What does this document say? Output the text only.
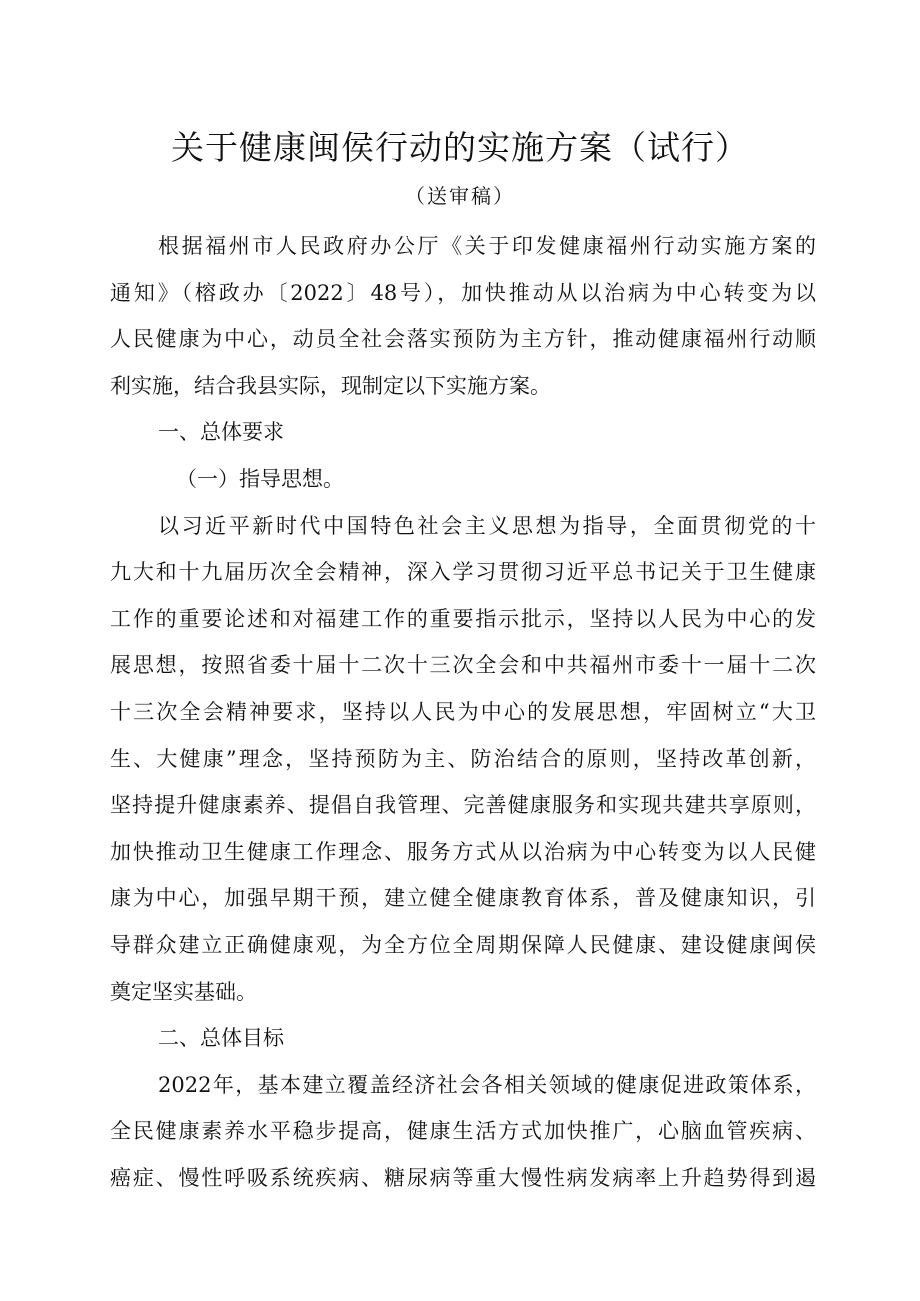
关于健康闽侯行动的实施方案（试行）
（送审稿）

根据福州市人民政府办公厅《关于印发健康福州行动实施方案的
通知》（榕政办〔2022〕48号），加快推动从以治病为中心转变为以
人民健康为中心，动员全社会落实预防为主方针，推动健康福州行动顺
利实施，结合我县实际，现制定以下实施方案。

一、总体要求

（一）指导思想。

以习近平新时代中国特色社会主义思想为指导，全面贯彻党的十
九大和十九届历次全会精神，深入学习贯彻习近平总书记关于卫生健康
工作的重要论述和对福建工作的重要指示批示，坚持以人民为中心的发
展思想，按照省委十届十二次十三次全会和中共福州市委十一届十二次
十三次全会精神要求，坚持以人民为中心的发展思想，牢固树立“大卫
生、大健康”理念，坚持预防为主、防治结合的原则，坚持改革创新，
坚持提升健康素养、提倡自我管理、完善健康服务和实现共建共享原则，
加快推动卫生健康工作理念、服务方式从以治病为中心转变为以人民健
康为中心，加强早期干预，建立健全健康教育体系，普及健康知识，引
导群众建立正确健康观，为全方位全周期保障人民健康、建设健康闽侯
奠定坚实基础。

二、总体目标

2022年，基本建立覆盖经济社会各相关领域的健康促进政策体系，
全民健康素养水平稳步提高，健康生活方式加快推广，心脑血管疾病、
癌症、慢性呼吸系统疾病、糖尿病等重大慢性病发病率上升趋势得到遏
